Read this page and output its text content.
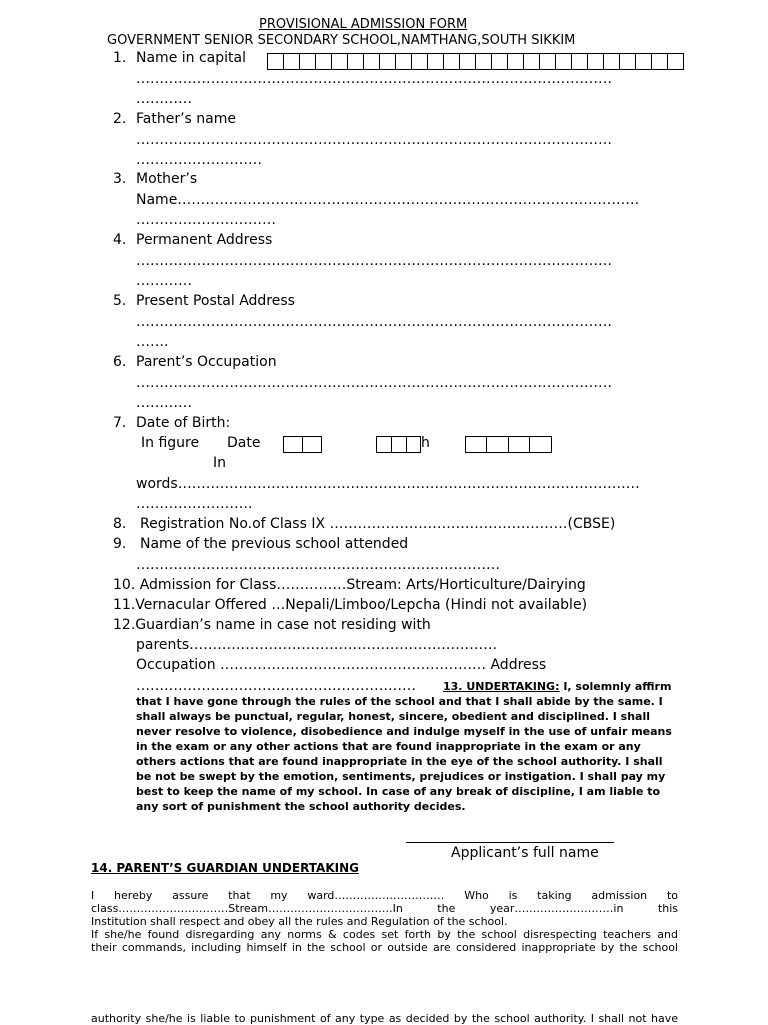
PROVISIONAL ADMISSION FORM
GOVERNMENT SENIOR SECONDARY SCHOOL,NAMTHANG,SOUTH SIKKIM
1. Name in capital
…………………………………………………………………………………………
…………
2. Father’s name
…………………………………………………………………………………………
………………………
3. Mother’s
Name………………………………………………………………………………………
…………………………
4. Permanent Address
…………………………………………………………………………………………
…………
5. Present Postal Address
…………………………………………………………………………………………
…….
6. Parent’s Occupation
…………………………………………………………………………………………
…………
7. Date of Birth:
In figure Date	h
In
words………………………………………………………………………………………
…………………….
8. Registration No.of Class IX ……………………………………………(CBSE)
9. Name of the previous school attended
……………………………………………………………………
10. Admission for Class……………Stream: Arts/Horticulture/Dairying
11.Vernacular Offered …Nepali/Limboo/Lepcha (Hindi not available)
12.Guardian’s name in case not residing with
parents…………………………………………………………
Occupation ………………………………………………… Address
……………………………………………………	13. UNDERTAKING: I, solemnly affirm that I have gone through the rules of the school and that I shall abide by the same. I shall always be punctual, regular, honest, sincere, obedient and disciplined. I shall never resolve to violence, disobedience and indulge myself in the use of unfair means in the exam or any other actions that are found inappropriate in the exam or any others actions that are found inappropriate in the eye of the school authority. I shall be not be swept by the emotion, sentiments, prejudices or instigation. I shall pay my best to keep the name of my school. In case of any break of discipline, I am liable to any sort of punishment the school authority decides.
Applicant’s full name
14. PARENT’S GUARDIAN UNDERTAKING
I hereby assure that my ward………………………… Who is taking admission to
class…………………………Stream…………………………….In the year………………………in this
Institution shall respect and obey all the rules and Regulation of the school.
If she/he found disregarding any norms & codes set forth by the school disrespecting teachers and
their commands, including himself in the school or outside are considered inappropriate by the school
authority she/he is liable to punishment of any type as decided by the school authority. I shall not have
